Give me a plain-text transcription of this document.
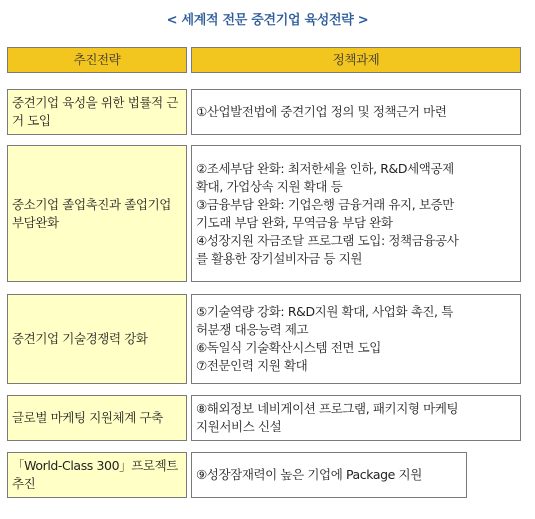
< 세계적 전문 중견기업 육성전략 >
추진전략	정책과제
중견기업 육성을 위한 법률적 근거 도입
①산업발전법에 중견기업 정의 및 정책근거 마련
중소기업 졸업촉진과 졸업기업 부담완화
②조세부담 완화: 최저한세율 인하, R&D세액공제
확대, 가업상속 지원 확대 등
③금융부담 완화: 기업은행 금융거래 유지, 보증만
기도래 부담 완화, 무역금융 부담 완화
④성장지원 자금조달 프로그램 도입: 정책금융공사
를 활용한 장기설비자금 등 지원
중견기업 기술경쟁력 강화
⑤기술역량 강화: R&D지원 확대, 사업화 촉진, 특
허분쟁 대응능력 제고
⑥독일식 기술확산시스템 전면 도입
⑦전문인력 지원 확대
글로벌 마케팅 지원체계 구축
⑧해외정보 네비게이션 프로그램, 패키지형 마케팅
지원서비스 신설
「World-Class 300」프로젝트 추진
⑨성장잠재력이 높은 기업에 Package 지원
